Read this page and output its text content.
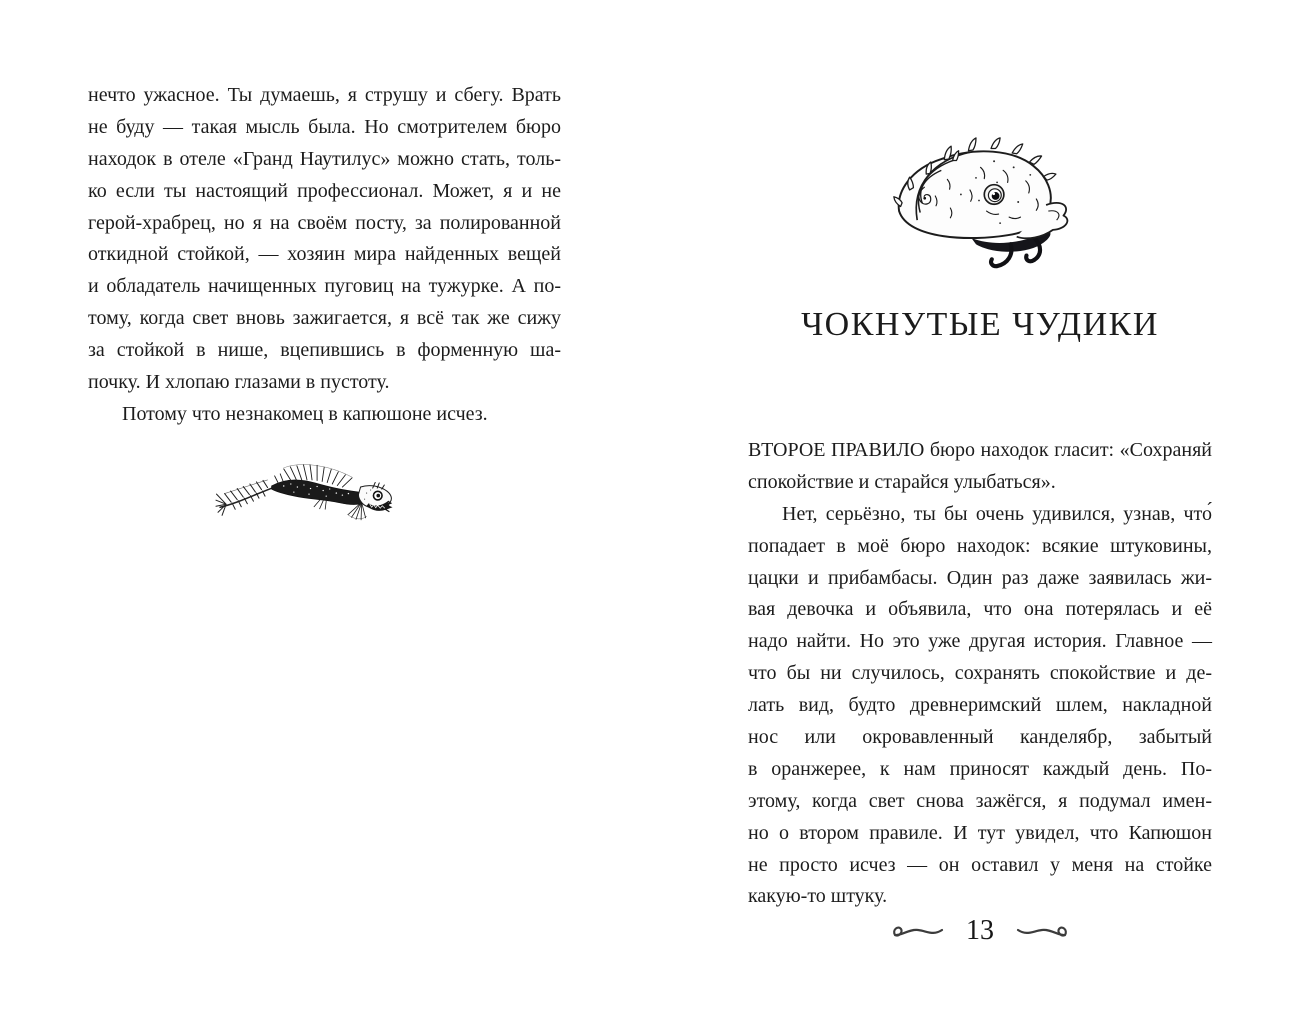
нечто ужасное. Ты думаешь, я струшу и сбегу. Врать
не буду — такая мысль была. Но смотрителем бюро
находок в отеле «Гранд Наутилус» можно стать, толь-
ко если ты настоящий профессионал. Может, я и не
герой-храбрец, но я на своём посту, за полированной
откидной стойкой, — хозяин мира найденных вещей
и обладатель начищенных пуговиц на тужурке. А по-
тому, когда свет вновь зажигается, я всё так же сижу
за стойкой в нише, вцепившись в форменную ша-
почку. И хлопаю глазами в пустоту.
Потому что незнакомец в капюшоне исчез.
ЧОКНУТЫЕ ЧУДИКИ
ВТОРОЕ ПРАВИЛО бюро находок гласит: «Сохраняй
спокойствие и старайся улыбаться».
Нет, серьёзно, ты бы очень удивился, узнав, что́
попадает в моё бюро находок: всякие штуковины,
цацки и прибамбасы. Один раз даже заявилась жи-
вая девочка и объявила, что она потерялась и её
надо найти. Но это уже другая история. Главное —
что бы ни случилось, сохранять спокойствие и де-
лать вид, будто древнеримский шлем, накладной
нос или окровавленный канделябр, забытый
в оранжерее, к нам приносят каждый день. По-
этому, когда свет снова зажёгся, я подумал имен-
но о втором правиле. И тут увидел, что Капюшон
не просто исчез — он оставил у меня на стойке
какую-то штуку.
13
